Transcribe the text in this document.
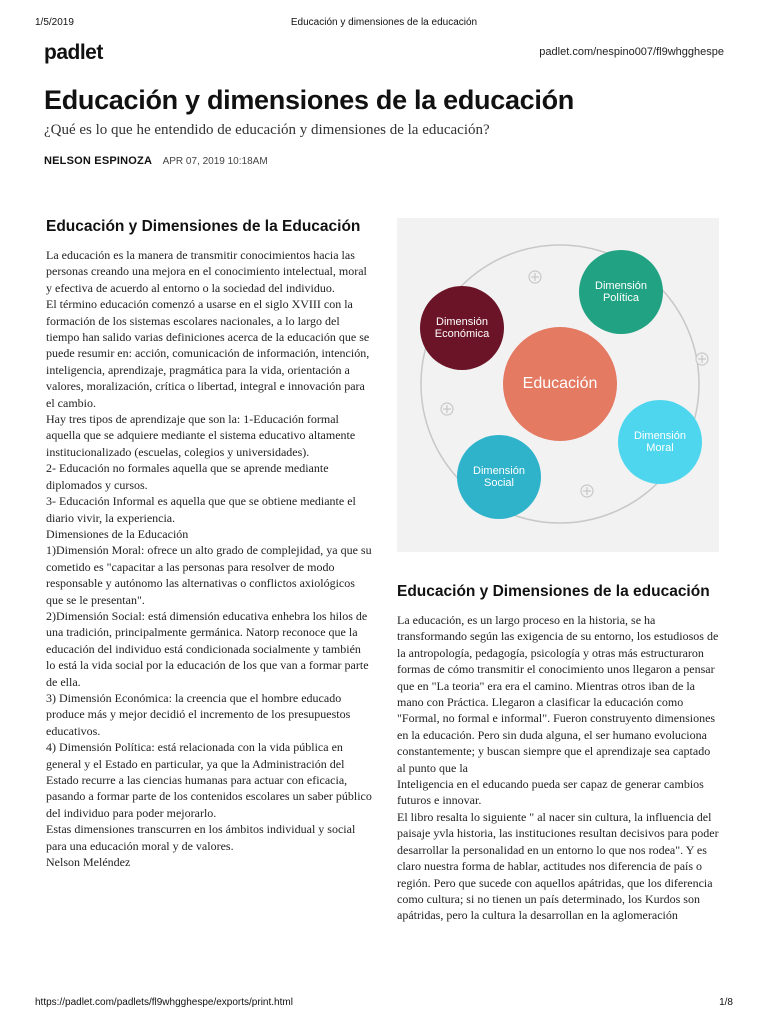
1/5/2019	Educación y dimensiones de la educación
padlet	padlet.com/nespino007/fl9whgghespe
Educación y dimensiones de la educación

¿Qué es lo que he entendido de educación y dimensiones de la educación?

NELSON ESPINOZA APR 07, 2019 10:18AM
Educación y Dimensiones de la Educación

La educación es la manera de transmitir conocimientos hacia las personas creando una mejora en el conocimiento intelectual, moral y efectiva de acuerdo al entorno o la sociedad del individuo.
El término educación comenzó a usarse en el siglo XVIII con la formación de los sistemas escolares nacionales, a lo largo del tiempo han salido varias definiciones acerca de la educación que se puede resumir en: acción, comunicación de información, intención, inteligencia, aprendizaje, pragmática para la vida, orientación a valores, moralización, crítica o libertad, integral e innovación para el cambio.
Hay tres tipos de aprendizaje que son la: 1-Educación formal aquella que se adquiere mediante el sistema educativo altamente institucionalizado (escuelas, colegios y universidades).
2- Educación no formales aquella que se aprende mediante diplomados y cursos.
3- Educación Informal es aquella que que se obtiene mediante el diario vivir, la experiencia.
Dimensiones de la Educación
1)Dimensión Moral: ofrece un alto grado de complejidad, ya que su cometido es "capacitar a las personas para resolver de modo responsable y autónomo las alternativas o conflictos axiológicos que se le presentan".
2)Dimensión Social: está dimensión educativa enhebra los hilos de una tradición, principalmente germánica. Natorp reconoce que la educación del individuo está condicionada socialmente y también lo está la vida social por la educación de los que van a formar parte de ella.
3) Dimensión Económica: la creencia que el hombre educado produce más y mejor decidió el incremento de los presupuestos educativos.
4) Dimensión Política: está relacionada con la vida pública en general y el Estado en particular, ya que la Administración del Estado recurre a las ciencias humanas para actuar con eficacia, pasando a formar parte de los contenidos escolares un saber público del individuo para poder mejorarlo.
Estas dimensiones transcurren en los ámbitos individual y social para una educación moral y de valores.
Nelson Meléndez

Educación
Dimensión
Política
Dimensión
Económica
Dimensión
Moral
Dimensión
Social
Educación y Dimensiones de la educación

La educación, es un largo proceso en la historia, se ha transformando según las exigencia de su entorno, los estudiosos de la antropología, pedagogía, psicología y otras más estructuraron formas de cómo transmitir el conocimiento unos llegaron a pensar que en "La teoria" era era el camino. Mientras otros iban de la mano con Práctica. Llegaron a clasificar la educación como "Formal, no formal e informal". Fueron construyento dimensiones en la educación. Pero sin duda alguna, el ser humano evoluciona constantemente; y buscan siempre que el aprendizaje sea captado al punto que la
Inteligencia en el educando pueda ser capaz de generar cambios futuros e innovar.
El libro resalta lo siguiente " al nacer sin cultura, la influencia del paisaje yvla historia, las instituciones resultan decisivos para poder desarrollar la personalidad en un entorno lo que nos rodea". Y es claro nuestra forma de hablar, actitudes nos diferencia de país o región. Pero que sucede con aquellos apátridas, que los diferencia como cultura; si no tienen un país determinado, los Kurdos son apátridas, pero la cultura la desarrollan en la aglomeración

https://padlet.com/padlets/fl9whgghespe/exports/print.html	1/8
